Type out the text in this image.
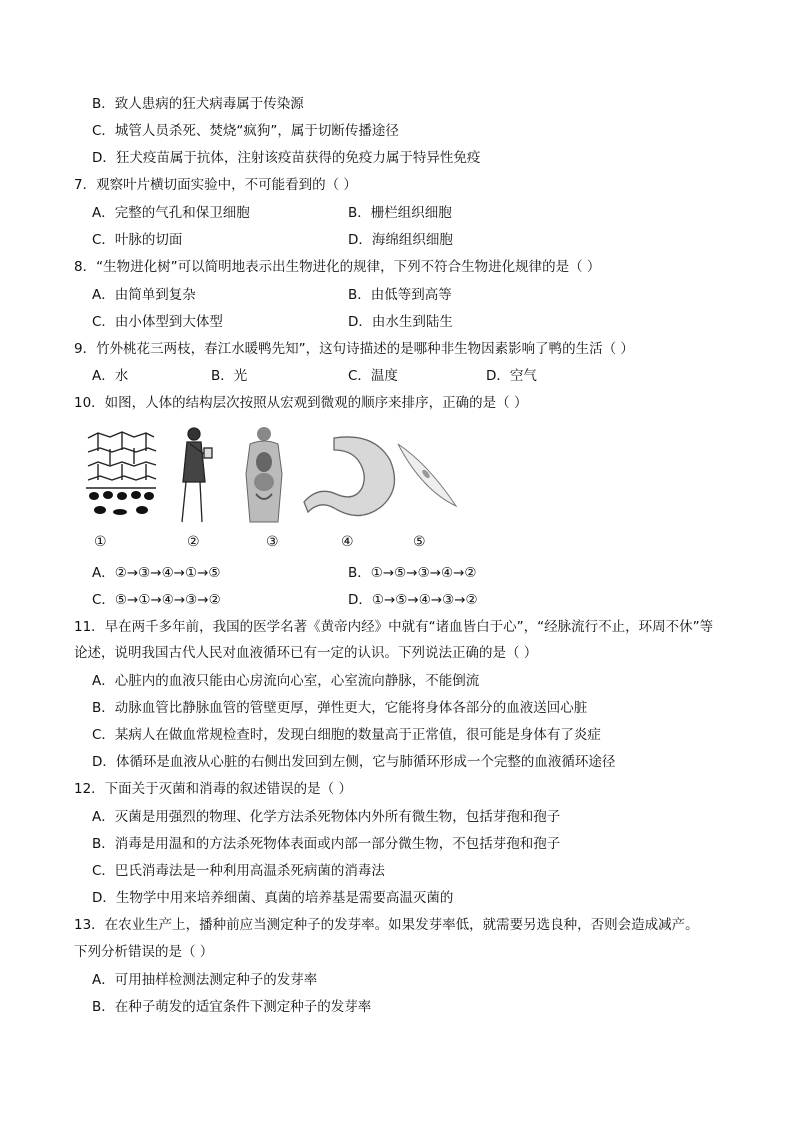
B．致人患病的狂犬病毒属于传染源
C．城管人员杀死、焚烧“疯狗”，属于切断传播途径
D．狂犬疫苗属于抗体，注射该疫苗获得的免疫力属于特异性免疫
7．观察叶片横切面实验中，不可能看到的（ ）
A．完整的气孔和保卫细胞	B．栅栏组织细胞
C．叶脉的切面	D．海绵组织细胞
8．“生物进化树”可以简明地表示出生物进化的规律，下列不符合生物进化规律的是（ ）
A．由简单到复杂	B．由低等到高等
C．由小体型到大体型	D．由水生到陆生
9．竹外桃花三两枝，春江水暖鸭先知”，这句诗描述的是哪种非生物因素影响了鸭的生活（ ）
A．水	B．光	C．温度	D．空气
10．如图，人体的结构层次按照从宏观到微观的顺序来排序，正确的是（ ）
①	②	③	④	⑤
A．②→③→④→①→⑤	B．①→⑤→③→④→②
C．⑤→①→④→③→②	D．①→⑤→④→③→②
11．早在两千多年前，我国的医学名著《黄帝内经》中就有“诸血皆白于心”，“经脉流行不止，环周不休”等
论述，说明我国古代人民对血液循环已有一定的认识。下列说法正确的是（ ）
A．心脏内的血液只能由心房流向心室，心室流向静脉，不能倒流
B．动脉血管比静脉血管的管壁更厚，弹性更大，它能将身体各部分的血液送回心脏
C．某病人在做血常规检查时，发现白细胞的数量高于正常值，很可能是身体有了炎症
D．体循环是血液从心脏的右侧出发回到左侧，它与肺循环形成一个完整的血液循环途径
12．下面关于灭菌和消毒的叙述错误的是（ ）
A．灭菌是用强烈的物理、化学方法杀死物体内外所有微生物，包括芽孢和孢子
B．消毒是用温和的方法杀死物体表面或内部一部分微生物，不包括芽孢和孢子
C．巴氏消毒法是一种利用高温杀死病菌的消毒法
D．生物学中用来培养细菌、真菌的培养基是需要高温灭菌的
13．在农业生产上，播种前应当测定种子的发芽率。如果发芽率低，就需要另选良种，否则会造成减产。
下列分析错误的是（ ）
A．可用抽样检测法测定种子的发芽率
B．在种子萌发的适宜条件下测定种子的发芽率
